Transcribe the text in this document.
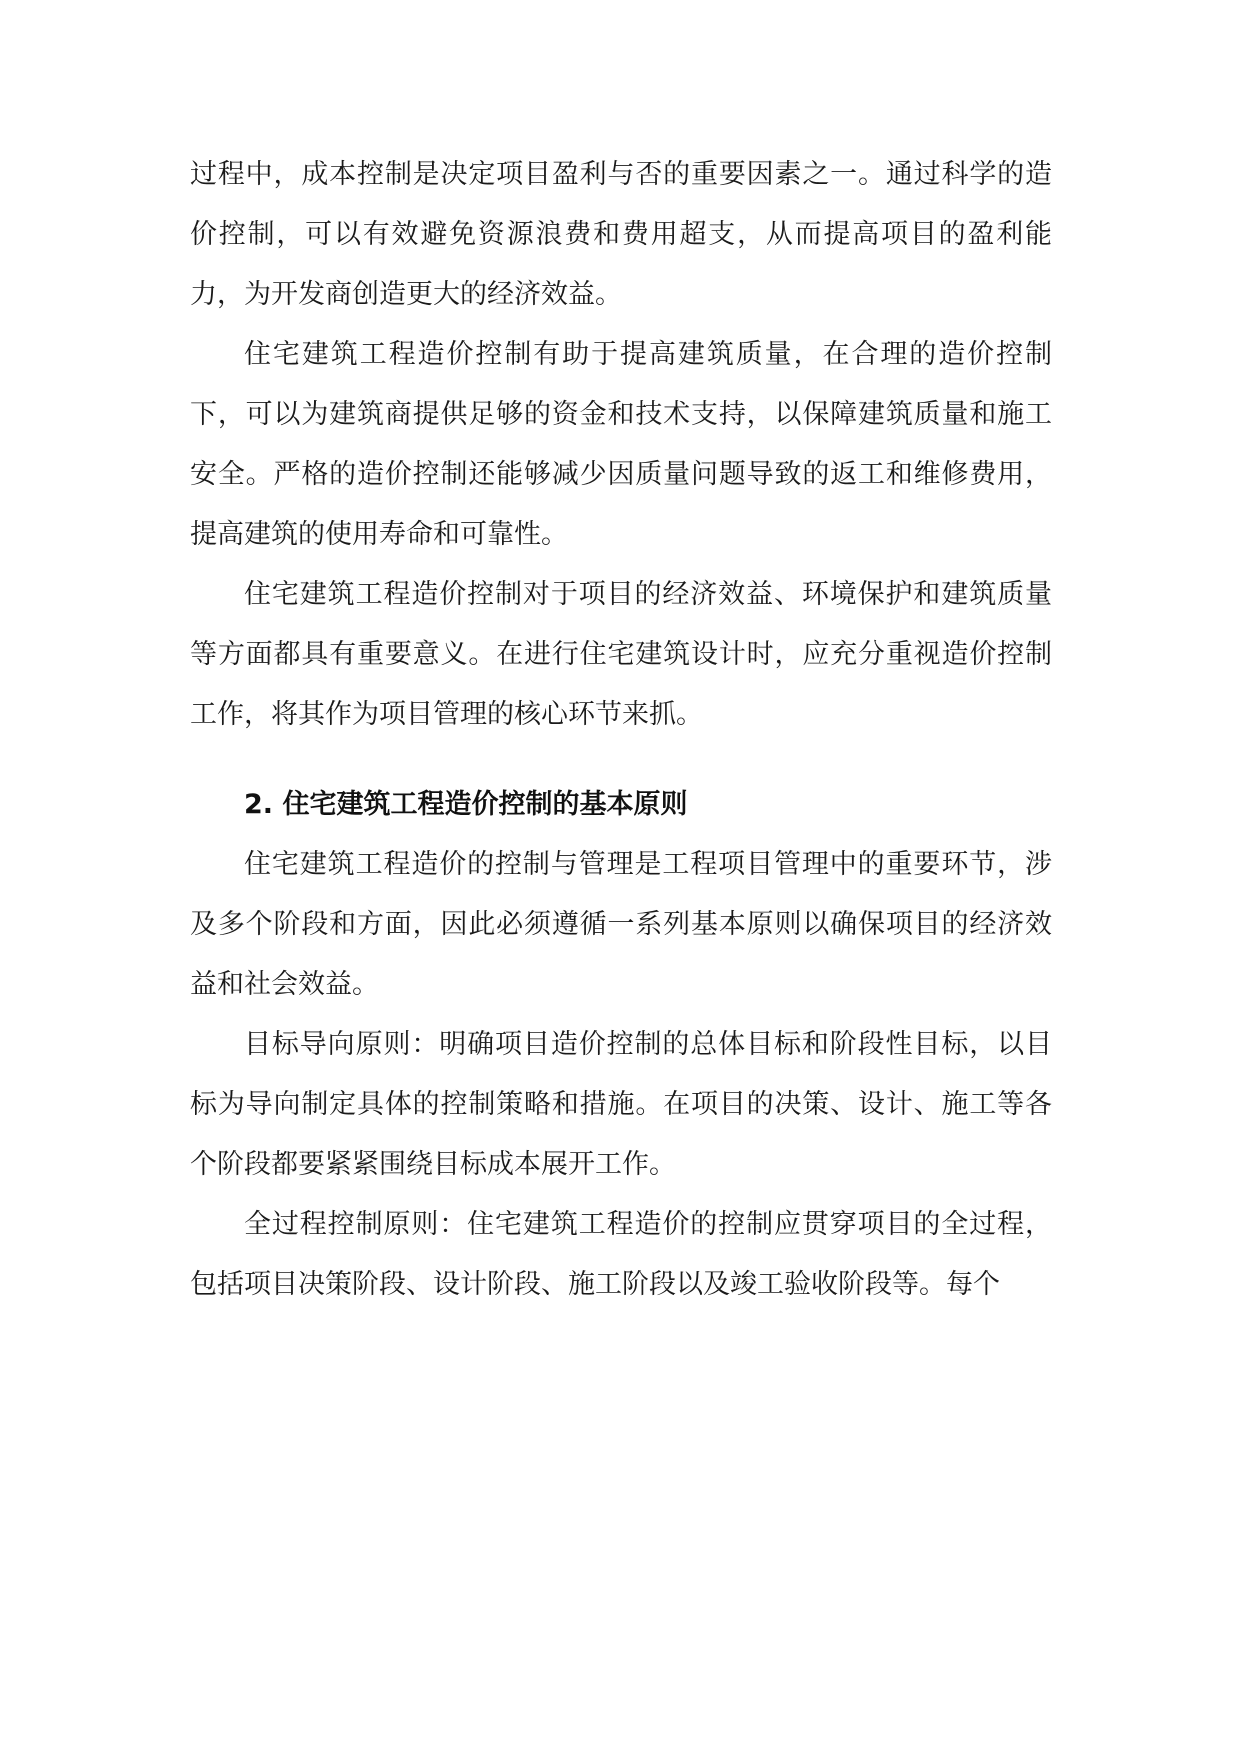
过程中，成本控制是决定项目盈利与否的重要因素之一。通过科学的造价控制，可以有效避免资源浪费和费用超支，从而提高项目的盈利能力，为开发商创造更大的经济效益。

住宅建筑工程造价控制有助于提高建筑质量，在合理的造价控制下，可以为建筑商提供足够的资金和技术支持，以保障建筑质量和施工安全。严格的造价控制还能够减少因质量问题导致的返工和维修费用，提高建筑的使用寿命和可靠性。

住宅建筑工程造价控制对于项目的经济效益、环境保护和建筑质量等方面都具有重要意义。在进行住宅建筑设计时，应充分重视造价控制工作，将其作为项目管理的核心环节来抓。

2. 住宅建筑工程造价控制的基本原则

住宅建筑工程造价的控制与管理是工程项目管理中的重要环节，涉及多个阶段和方面，因此必须遵循一系列基本原则以确保项目的经济效益和社会效益。

目标导向原则：明确项目造价控制的总体目标和阶段性目标，以目标为导向制定具体的控制策略和措施。在项目的决策、设计、施工等各个阶段都要紧紧围绕目标成本展开工作。

全过程控制原则：住宅建筑工程造价的控制应贯穿项目的全过程，包括项目决策阶段、设计阶段、施工阶段以及竣工验收阶段等。每个
